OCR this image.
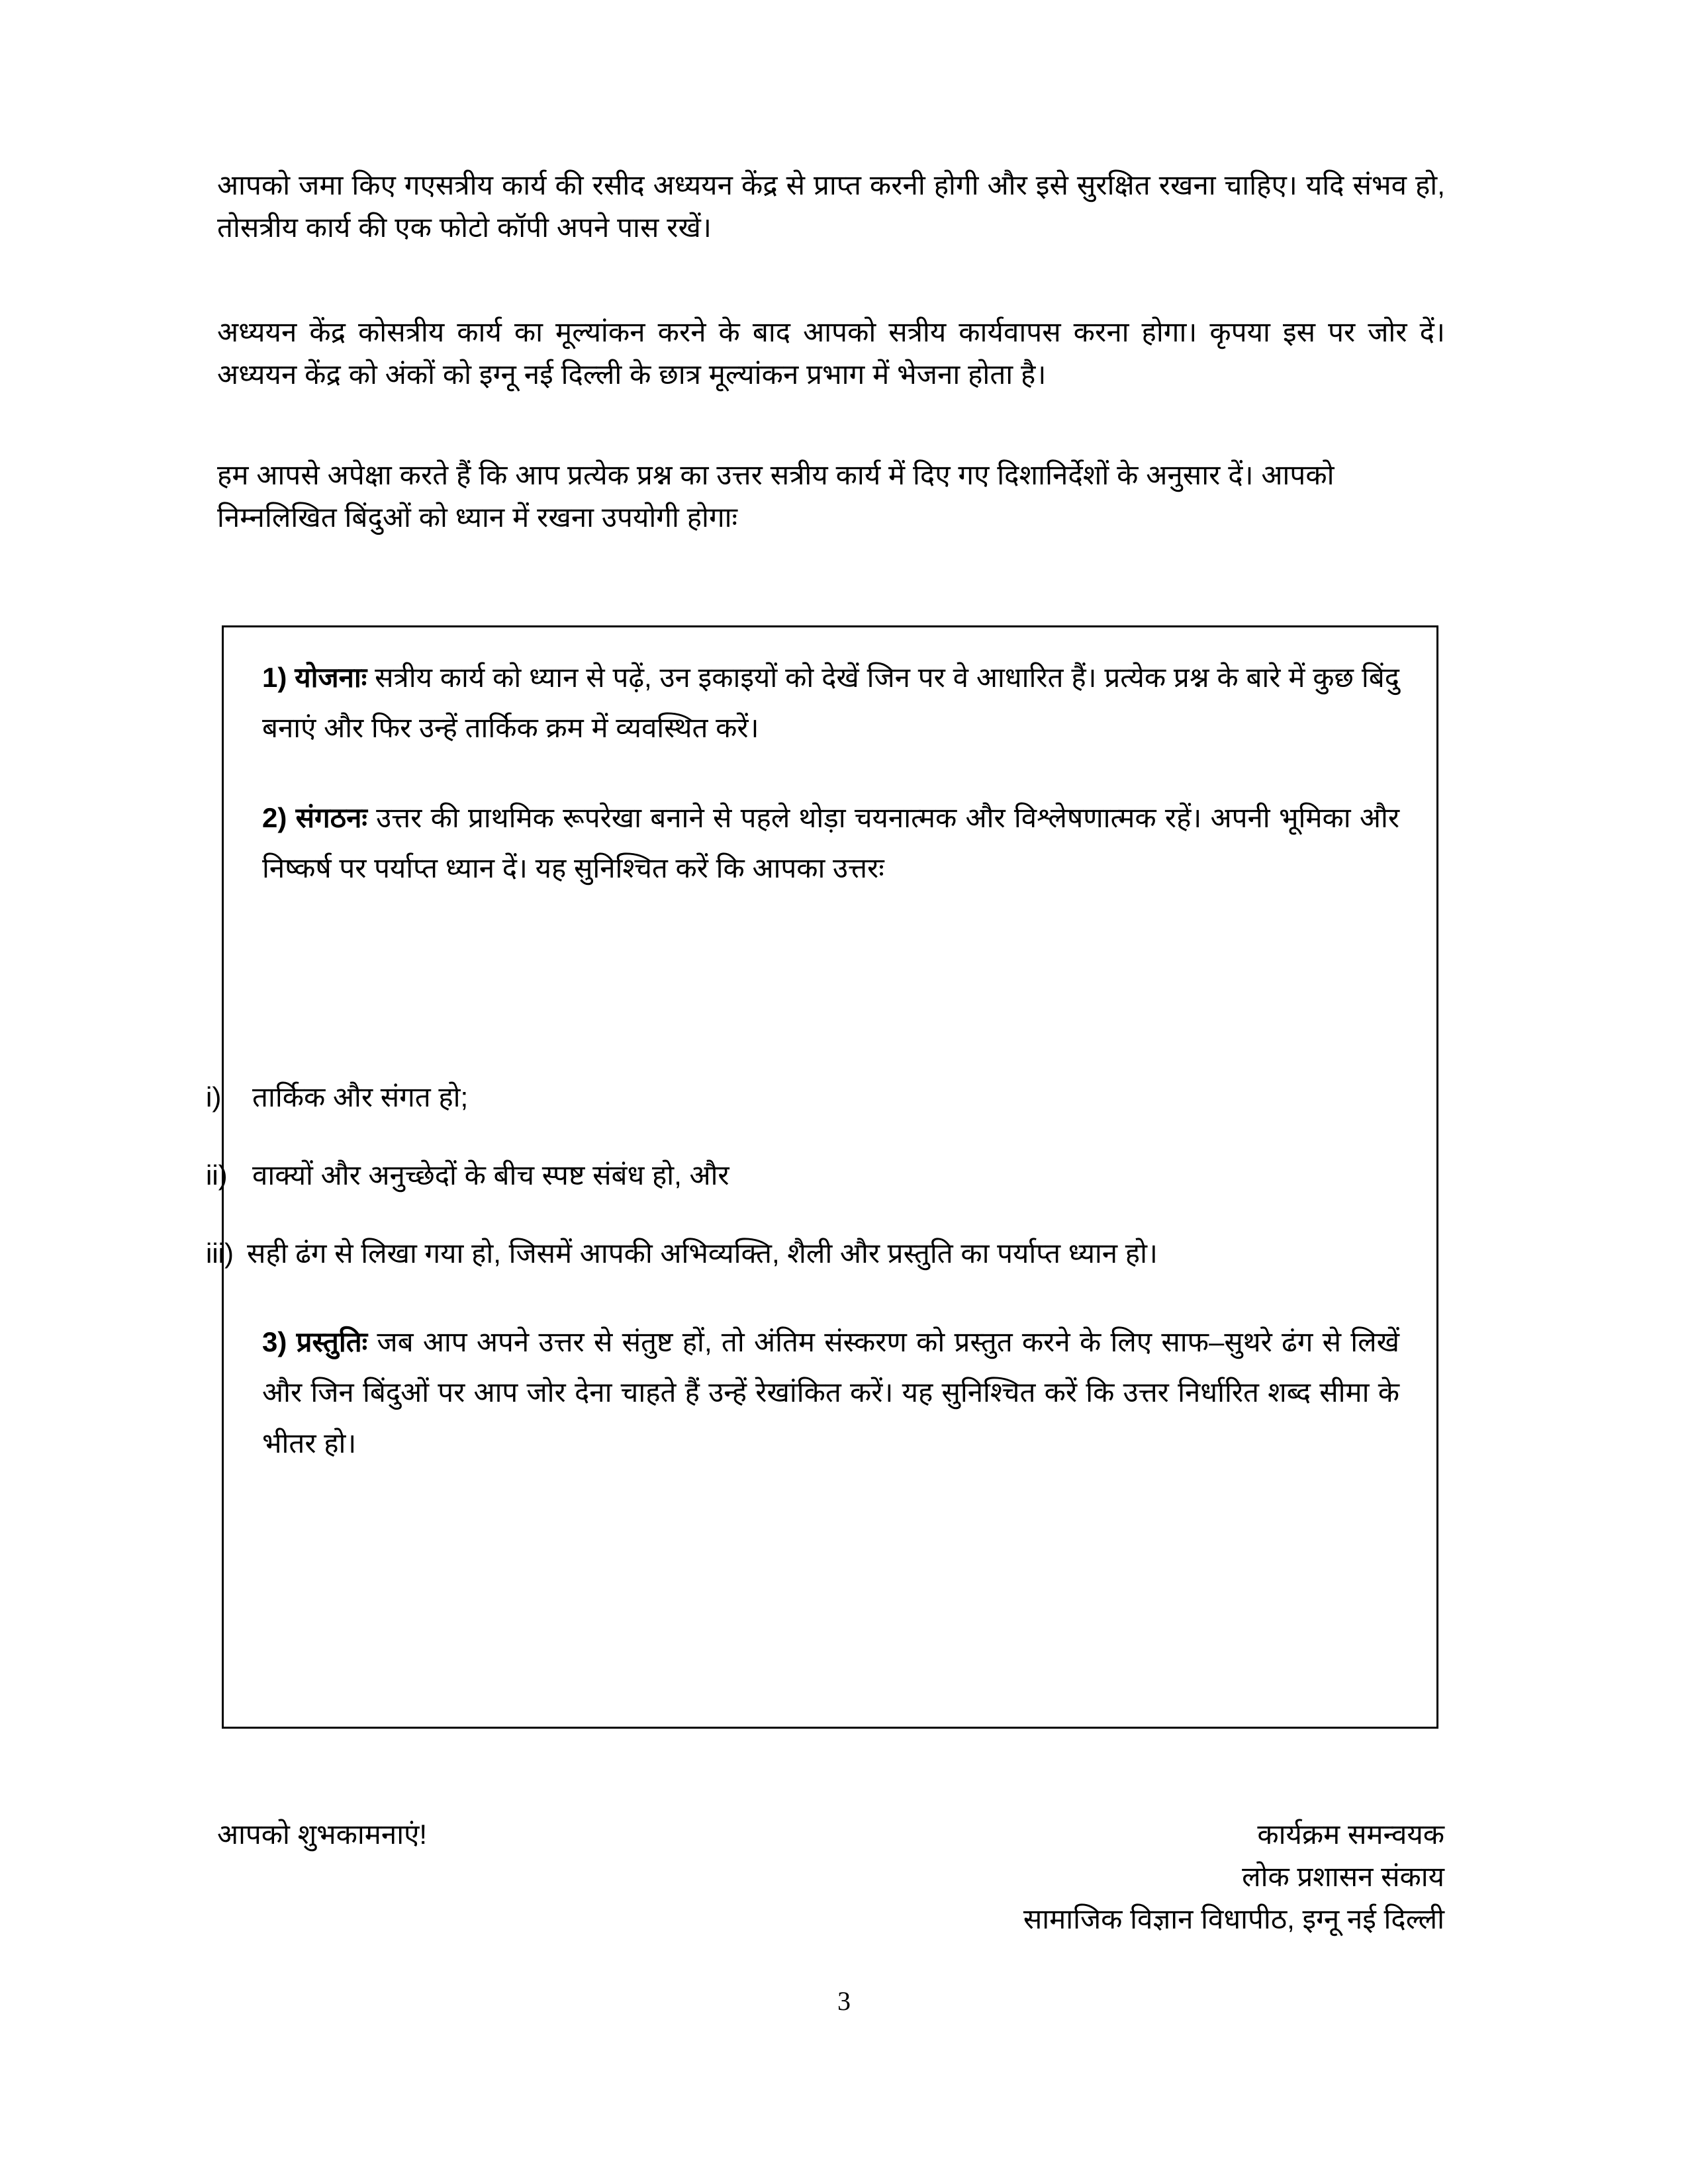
आपको जमा किए गएसत्रीय कार्य की रसीद अध्ययन केंद्र से प्राप्त करनी होगी और इसे सुरक्षित रखना चाहिए। यदि संभव हो, तोसत्रीय कार्य की एक फोटो कॉपी अपने पास रखें।
अध्ययन केंद्र कोसत्रीय कार्य का मूल्यांकन करने के बाद आपको सत्रीय कार्यवापस करना होगा। कृपया इस पर जोर दें। अध्ययन केंद्र को अंकों को इग्नू नई दिल्ली के छात्र मूल्यांकन प्रभाग में भेजना होता है।
हम आपसे अपेक्षा करते हैं कि आप प्रत्येक प्रश्न का उत्तर सत्रीय कार्य में दिए गए दिशानिर्देशों के अनुसार दें। आपको निम्नलिखित बिंदुओं को ध्यान में रखना उपयोगी होगाः
1) योजनाः सत्रीय कार्य को ध्यान से पढ़ें, उन इकाइयों को देखें जिन पर वे आधारित हैं। प्रत्येक प्रश्न के बारे में कुछ बिंदु बनाएं और फिर उन्हें तार्किक क्रम में व्यवस्थित करें।
2) संगठनः उत्तर की प्राथमिक रूपरेखा बनाने से पहले थोड़ा चयनात्मक और विश्लेषणात्मक रहें। अपनी भूमिका और निष्कर्ष पर पर्याप्त ध्यान दें। यह सुनिश्चित करें कि आपका उत्तरः
i)	तार्किक और संगत हो;
ii) वाक्यों और अनुच्छेदों के बीच स्पष्ट संबंध हो, और
iii) सही ढंग से लिखा गया हो, जिसमें आपकी अभिव्यक्ति, शैली और प्रस्तुति का पर्याप्त ध्यान हो।
3) प्रस्तुतिः जब आप अपने उत्तर से संतुष्ट हों, तो अंतिम संस्करण को प्रस्तुत करने के लिए साफ–सुथरे ढंग से लिखें और जिन बिंदुओं पर आप जोर देना चाहते हैं उन्हें रेखांकित करें। यह सुनिश्चित करें कि उत्तर निर्धारित शब्द सीमा के भीतर हो।
आपको शुभकामनाएं!	कार्यक्रम समन्वयक
लोक प्रशासन संकाय
सामाजिक विज्ञान विधापीठ, इग्नू नई दिल्ली
3
